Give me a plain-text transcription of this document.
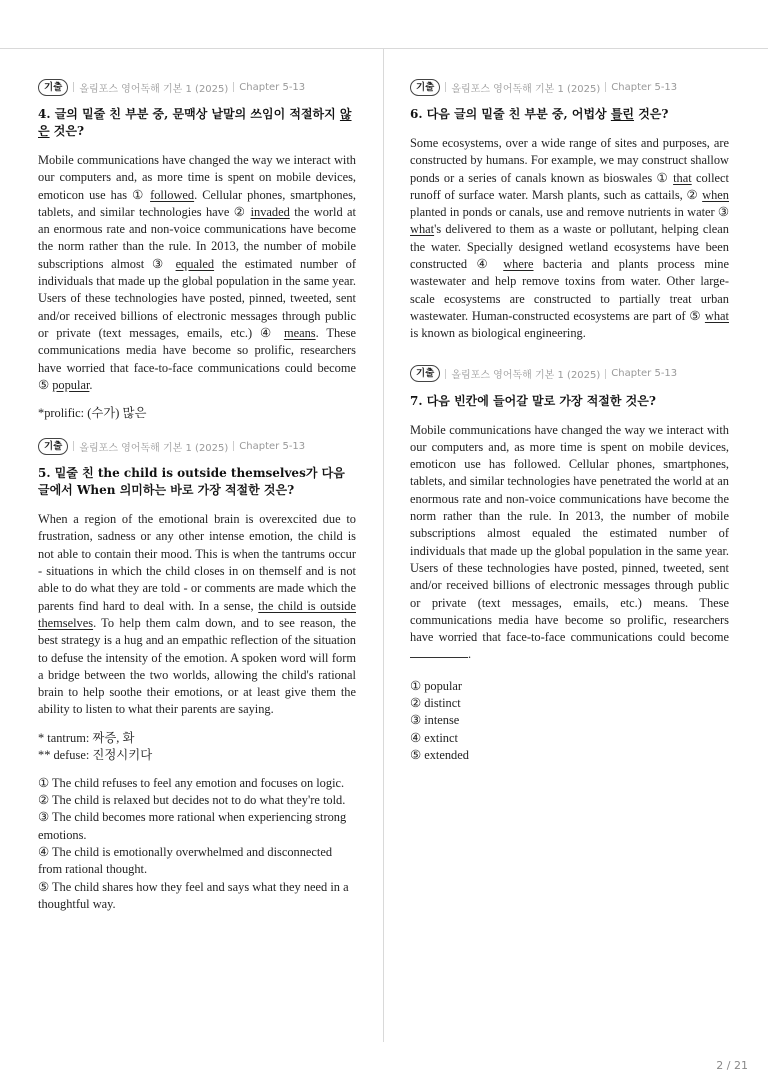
기출	올림포스 영어독해 기본 1 (2025) Chapter 5-13
4. 글의 밑줄 친 부분 중, 문맥상 낱말의 쓰임이 적절하지 않은 것은?

Mobile communications have changed the way we interact with our computers and, as more time is spent on mobile devices, emoticon use has ① followed. Cellular phones, smartphones, tablets, and similar technologies have ② invaded the world at an enormous rate and non-voice communications have become the norm rather than the rule. In 2013, the number of mobile subscriptions almost ③ equaled the estimated number of individuals that made up the global population in the same year. Users of these technologies have posted, pinned, tweeted, sent and/or received billions of electronic messages through public or private (text messages, emails, etc.) ④ means. These communications media have become so prolific, researchers have worried that face-to-face communications could become ⑤ popular.

*prolific: (수가) 많은
기출	올림포스 영어독해 기본 1 (2025) Chapter 5-13
5. 밑줄 친 the child is outside themselves가 다음 글에서 When 의미하는 바로 가장 적절한 것은?

When a region of the emotional brain is overexcited due to frustration, sadness or any other intense emotion, the child is not able to contain their mood. This is when the tantrums occur - situations in which the child closes in on themself and is not able to do what they are told - or comments are made which the parents find hard to deal with. In a sense, the child is outside themselves. To help them calm down, and to see reason, the best strategy is a hug and an empathic reflection of the situation to defuse the intensity of the emotion. A spoken word will form a bridge between the two worlds, allowing the child's rational brain to help soothe their emotions, or at least give them the ability to listen to what their parents are saying.

* tantrum: 짜증, 화
** defuse: 진정시키다
① The child refuses to feel any emotion and focuses on logic.
② The child is relaxed but decides not to do what they're told.
③ The child becomes more rational when experiencing strong emotions.
④ The child is emotionally overwhelmed and disconnected from rational thought.
⑤ The child shares how they feel and says what they need in a thoughtful way.
기출	올림포스 영어독해 기본 1 (2025) Chapter 5-13
6. 다음 글의 밑줄 친 부분 중, 어법상 틀린 것은?

Some ecosystems, over a wide range of sites and purposes, are constructed by humans. For example, we may construct shallow ponds or a series of canals known as bioswales ① that collect runoff of surface water. Marsh plants, such as cattails, ② when planted in ponds or canals, use and remove nutrients in water ③ what's delivered to them as a waste or pollutant, helping clean the water. Specially designed wetland ecosystems have been constructed ④ where bacteria and plants process mine wastewater and help remove toxins from water. Other large-scale ecosystems are constructed to partially treat urban wastewater. Human-constructed ecosystems are part of ⑤ what is known as biological engineering.

기출	올림포스 영어독해 기본 1 (2025) Chapter 5-13
7. 다음 빈칸에 들어갈 말로 가장 적절한 것은?

Mobile communications have changed the way we interact with our computers and, as more time is spent on mobile devices, emoticon use has followed. Cellular phones, smartphones, tablets, and similar technologies have penetrated the world at an enormous rate and non-voice communications have become the norm rather than the rule. In 2013, the number of mobile subscriptions almost equaled the estimated number of individuals that made up the global population in the same year. Users of these technologies have posted, pinned, tweeted, sent and/or received billions of electronic messages through public or private (text messages, emails, etc.) means. These communications media have become so prolific, researchers have worried that face-to-face communications could become .

① popular
② distinct
③ intense
④ extinct
⑤ extended
2 / 21
